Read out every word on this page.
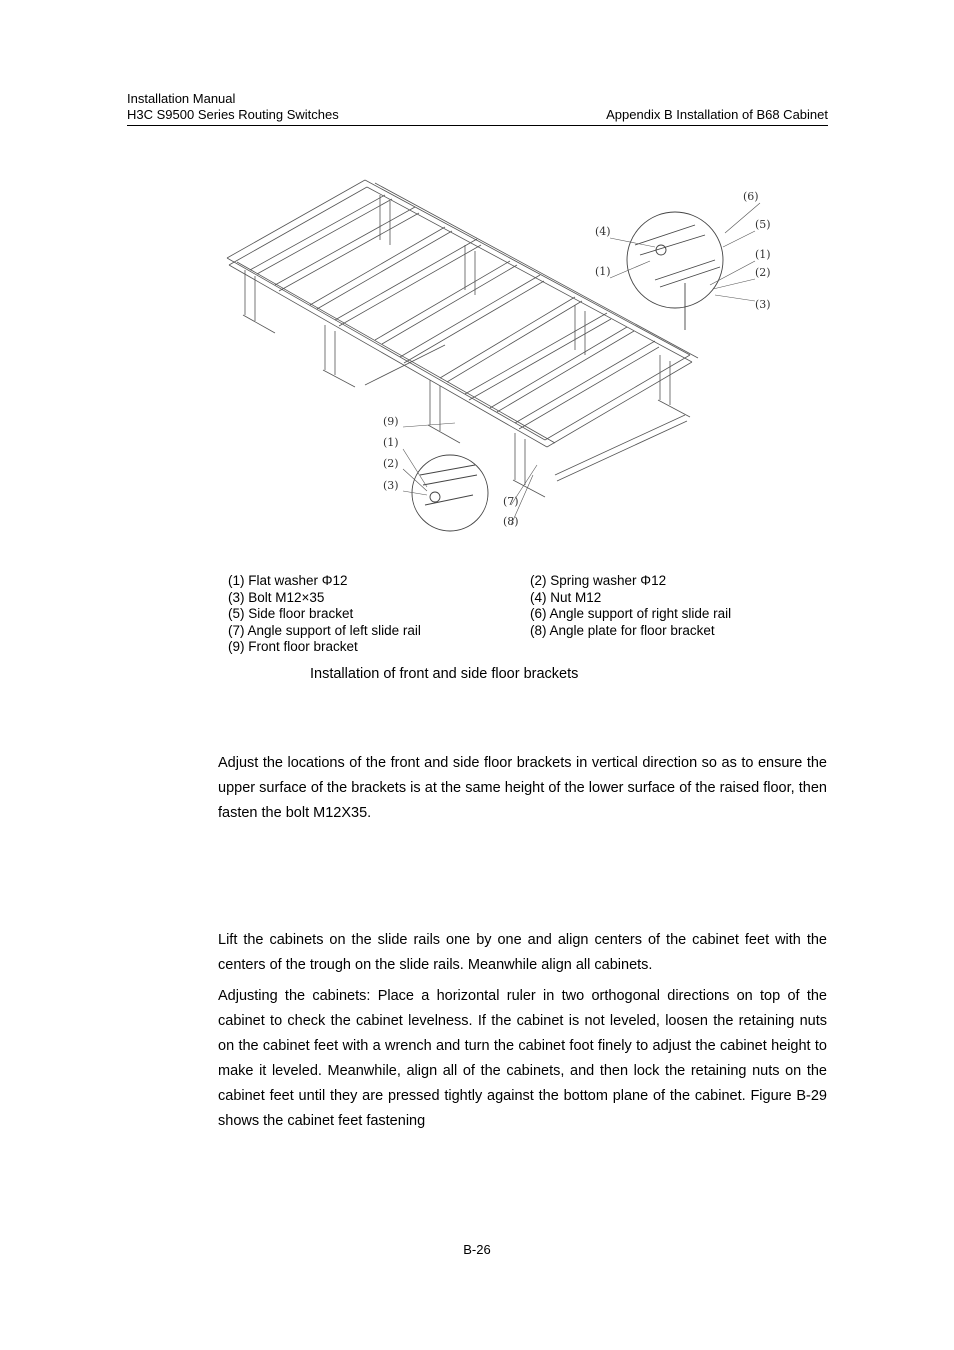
Installation Manual
H3C S9500 Series Routing Switches	Appendix B Installation of B68 Cabinet
(6)
(5)
(4)
(1)
(1)
(2)
(3)
(9)
(1)
(2)
(3)
(7)
(8)
(1) Flat washer Φ12	(2) Spring washer Φ12
(3) Bolt M12×35	(4) Nut M12
(5) Side floor bracket	(6) Angle support of right slide rail
(7) Angle support of left slide rail	(8) Angle plate for floor bracket
(9) Front floor bracket
Installation of front and side floor brackets

Adjust the locations of the front and side floor brackets in vertical direction so as to ensure the upper surface of the brackets is at the same height of the lower surface of the raised floor, then fasten the bolt M12X35.

Lift the cabinets on the slide rails one by one and align centers of the cabinet feet with the centers of the trough on the slide rails. Meanwhile align all cabinets.

Adjusting the cabinets: Place a horizontal ruler in two orthogonal directions on top of the cabinet to check the cabinet levelness. If the cabinet is not leveled, loosen the retaining nuts on the cabinet feet with a wrench and turn the cabinet foot finely to adjust the cabinet height to make it leveled. Meanwhile, align all of the cabinets, and then lock the retaining nuts on the cabinet feet until they are pressed tightly against the bottom plane of the cabinet. Figure B-29 shows the cabinet feet fastening

B-26
